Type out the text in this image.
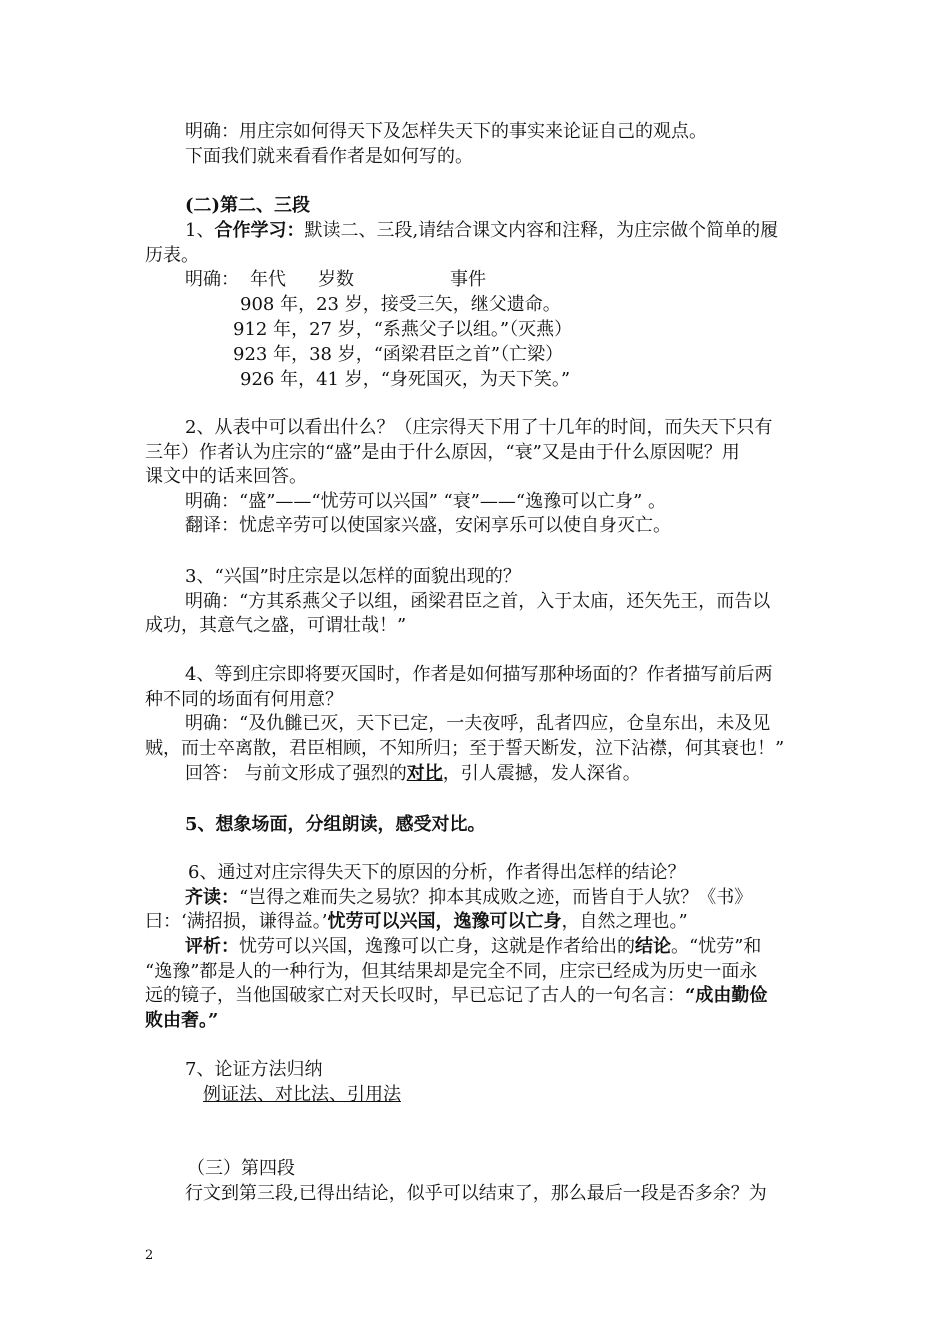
明确：用庄宗如何得天下及怎样失天下的事实来论证自己的观点。
下面我们就来看看作者是如何写的。
(二)第二、三段
1、合作学习：默读二、三段,请结合课文内容和注释，为庄宗做个简单的履
历表。
明确： 年代 岁数	事件
908 年，23 岁，接受三矢，继父遗命。
912 年，27 岁，“系燕父子以组。”（灭燕）
923 年，38 岁，“函梁君臣之首”（亡梁）
926 年，41 岁，“身死国灭，为天下笑。”
2、从表中可以看出什么？（庄宗得天下用了十几年的时间，而失天下只有
三年）作者认为庄宗的“盛”是由于什么原因，“衰”又是由于什么原因呢？用
课文中的话来回答。
明确：“盛”——“忧劳可以兴国” “衰”——“逸豫可以亡身” 。
翻译：忧虑辛劳可以使国家兴盛，安闲享乐可以使自身灭亡。
3、“兴国”时庄宗是以怎样的面貌出现的？
明确：“方其系燕父子以组，函梁君臣之首，入于太庙，还矢先王，而告以
成功，其意气之盛，可谓壮哉！”
4、等到庄宗即将要灭国时，作者是如何描写那种场面的？作者描写前后两
种不同的场面有何用意？
明确：“及仇雠已灭，天下已定，一夫夜呼，乱者四应，仓皇东出，未及见
贼，而士卒离散，君臣相顾，不知所归；至于誓天断发，泣下沾襟，何其衰也！”
回答： 与前文形成了强烈的对比，引人震撼，发人深省。
5、想象场面，分组朗读，感受对比。
6、通过对庄宗得失天下的原因的分析，作者得出怎样的结论？
齐读：“岂得之难而失之易欤？抑本其成败之迹，而皆自于人欤？《书》
曰：‘满招损，谦得益。’忧劳可以兴国，逸豫可以亡身，自然之理也。”
评析：忧劳可以兴国，逸豫可以亡身，这就是作者给出的结论。“忧劳”和
“逸豫”都是人的一种行为，但其结果却是完全不同，庄宗已经成为历史一面永
远的镜子，当他国破家亡对天长叹时，早已忘记了古人的一句名言：“成由勤俭
败由奢。”
7、论证方法归纳
例证法、对比法、引用法
（三）第四段
行文到第三段,已得出结论，似乎可以结束了，那么最后一段是否多余？为
2
